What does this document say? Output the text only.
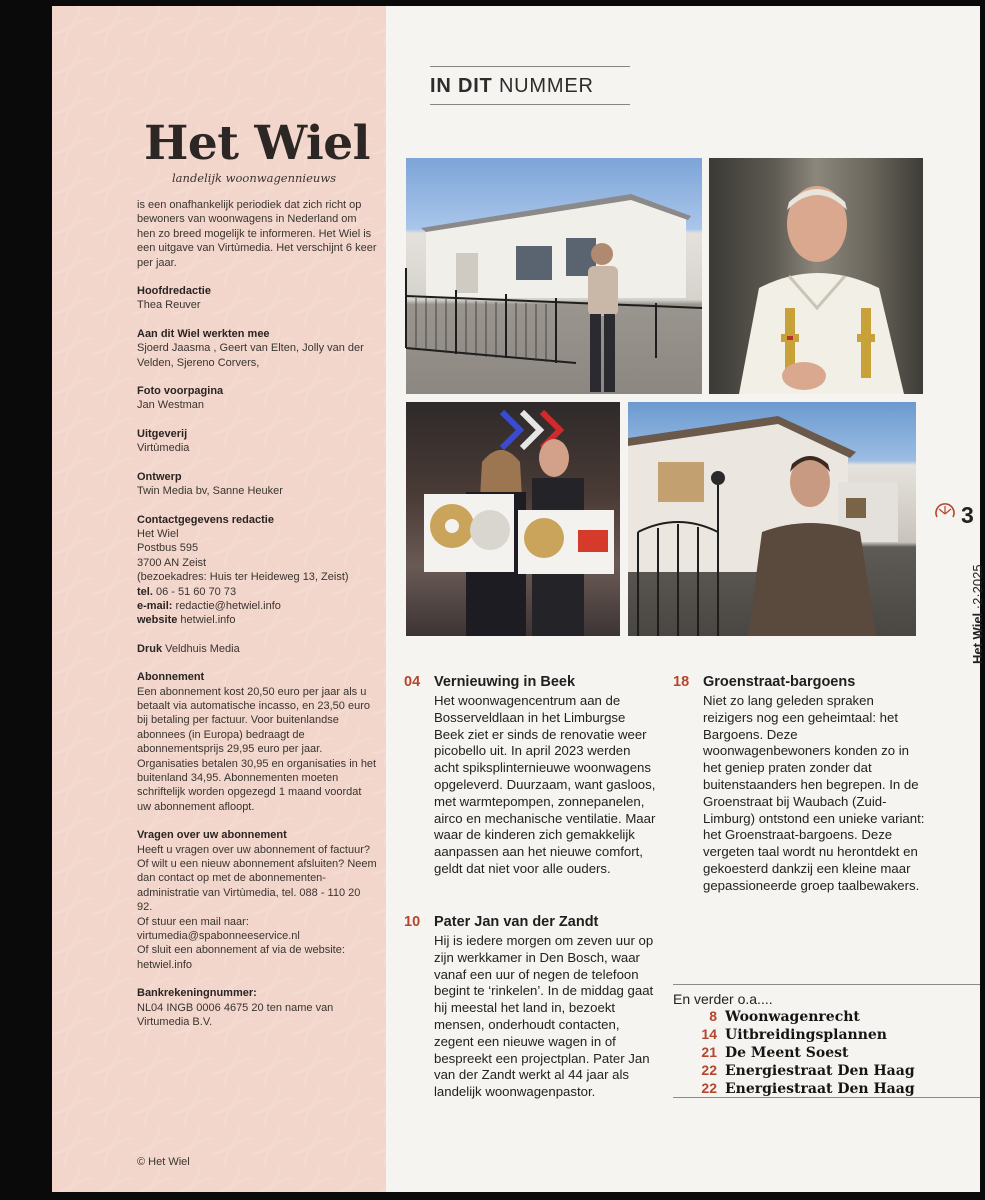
Het Wiel
landelijk woonwagennieuws

is een onafhankelijk periodiek dat zich richt op bewoners van woonwagens in Nederland om hen zo breed mogelijk te informeren. Het Wiel is een uitgave van Virtùmedia. Het verschijnt 6 keer per jaar.

Hoofdredactie

Thea Reuver

Aan dit Wiel werkten mee

Sjoerd Jaasma , Geert van Elten, Jolly van der Velden, Sjereno Corvers,

Foto voorpagina

Jan Westman

Uitgeverij

Virtùmedia

Ontwerp

Twin Media bv, Sanne Heuker

Contactgegevens redactie

Het Wiel

Postbus 595

3700 AN Zeist

(bezoekadres: Huis ter Heideweg 13, Zeist)

tel. 06 - 51 60 70 73

e-mail: redactie@hetwiel.info

website hetwiel.info

Druk Veldhuis Media

Abonnement

Een abonnement kost 20,50 euro per jaar als u betaalt via automatische incasso, en 23,50 euro bij betaling per factuur. Voor buitenlandse abonnees (in Europa) bedraagt de abonnementsprijs 29,95 euro per jaar. Organisaties betalen 30,95 en organisaties in het buitenland 34,95. Abonnementen moeten schriftelijk worden opgezegd 1 maand voordat uw abonnement afloopt.

Vragen over uw abonnement

Heeft u vragen over uw abonnement of factuur? Of wilt u een nieuw abonnement afsluiten? Neem dan contact op met de abonnementen-administratie van Virtùmedia, tel. 088 - 110 20 92.

Of stuur een mail naar: virtumedia@spabonneeservice.nl

Of sluit een abonnement af via de website: hetwiel.info

Bankrekeningnummer:

NL04 INGB 0006 4675 20 ten name van Virtumedia B.V.

© Het Wiel
IN DIT NUMMER
04 Vernieuwing in Beek
Het woonwagencentrum aan de Bosserveldlaan in het Limburgse Beek ziet er sinds de renovatie weer picobello uit. In april 2023 werden acht spiksplinternieuwe woonwagens opgeleverd. Duurzaam, want gasloos, met warmtepompen, zonnepanelen, airco en mechanische ventilatie. Maar waar de kinderen zich gemakkelijk aanpassen aan het nieuwe comfort, geldt dat niet voor alle ouders.
10 Pater Jan van der Zandt
Hij is iedere morgen om zeven uur op zijn werkkamer in Den Bosch, waar vanaf een uur of negen de telefoon begint te ‘rinkelen’. In de middag gaat hij meestal het land in, bezoekt mensen, onderhoudt contacten, zegent een nieuwe wagen in of bespreekt een projectplan. Pater Jan van der Zandt werkt al 44 jaar als landelijk woonwagenpastor.
18 Groenstraat-bargoens
Niet zo lang geleden spraken reizigers nog een geheimtaal: het Bargoens. Deze woonwagenbewoners konden zo in het geniep praten zonder dat buitenstaanders hen begrepen. In de Groenstraat bij Waubach (Zuid-Limburg) ontstond een unieke variant: het Groenstraat-bargoens. Deze vergeten taal wordt nu herontdekt en gekoesterd dankzij een kleine maar gepassioneerde groep taalbewakers.
En verder o.a....
8 Woonwagenrecht
14 Uitbreidingsplannen
21 De Meent Soest
22 Energiestraat Den Haag
22 Energiestraat Den Haag
3
Het Wiel ·2·2025
